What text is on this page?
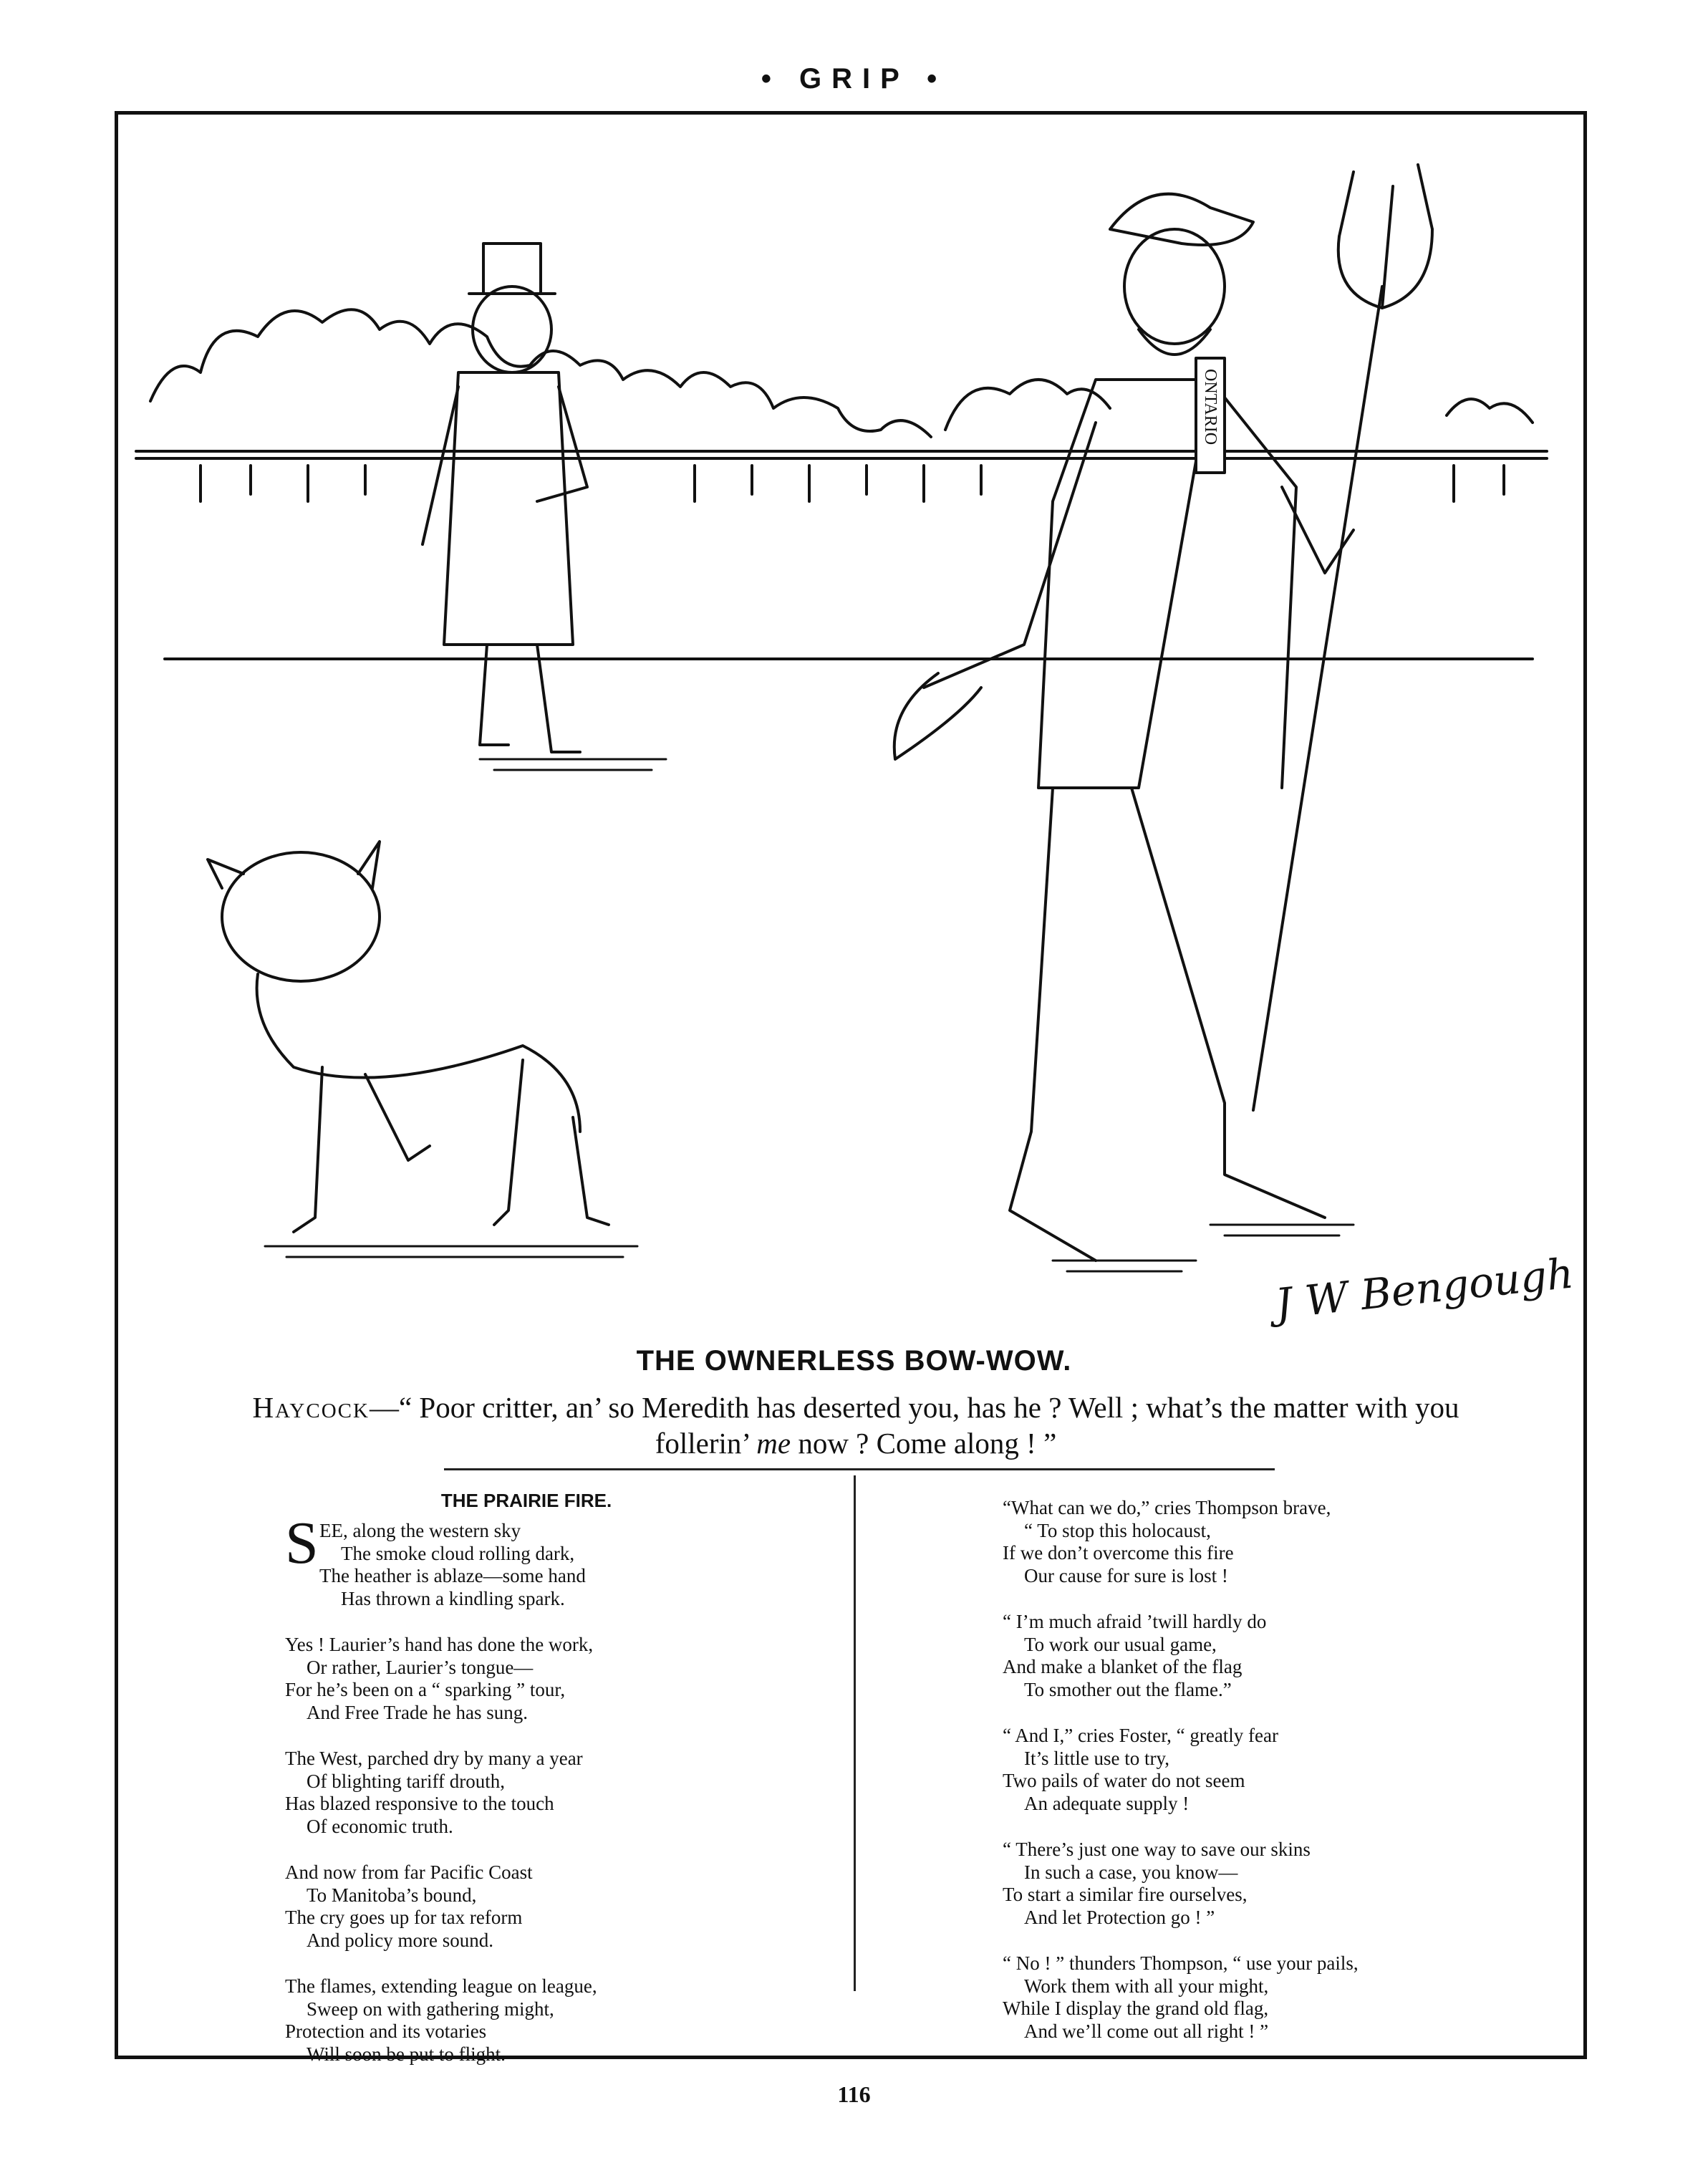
• GRIP •
ONTARIO
J W Bengough
THE OWNERLESS BOW-WOW.
Haycock—“ Poor critter, an’ so Meredith has deserted you, has he ? Well ; what’s the matter with you
follerin’ me now ? Come along ! ”
THE PRAIRIE FIRE.
S EE, along the western sky
The smoke cloud rolling dark,
The heather is ablaze—some hand
Has thrown a kindling spark.
Yes ! Laurier’s hand has done the work,
Or rather, Laurier’s tongue—
For he’s been on a “ sparking ” tour,
And Free Trade he has sung.
The West, parched dry by many a year
Of blighting tariff drouth,
Has blazed responsive to the touch
Of economic truth.
And now from far Pacific Coast
To Manitoba’s bound,
The cry goes up for tax reform
And policy more sound.
The flames, extending league on league,
Sweep on with gathering might,
Protection and its votaries
Will soon be put to flight.
“What can we do,” cries Thompson brave,
“ To stop this holocaust,
If we don’t overcome this fire
Our cause for sure is lost !
“ I’m much afraid ’twill hardly do
To work our usual game,
And make a blanket of the flag
To smother out the flame.”
“ And I,” cries Foster, “ greatly fear
It’s little use to try,
Two pails of water do not seem
An adequate supply !
“ There’s just one way to save our skins
In such a case, you know—
To start a similar fire ourselves,
And let Protection go ! ”
“ No ! ” thunders Thompson, “ use your pails,
Work them with all your might,
While I display the grand old flag,
And we’ll come out all right ! ”
116
